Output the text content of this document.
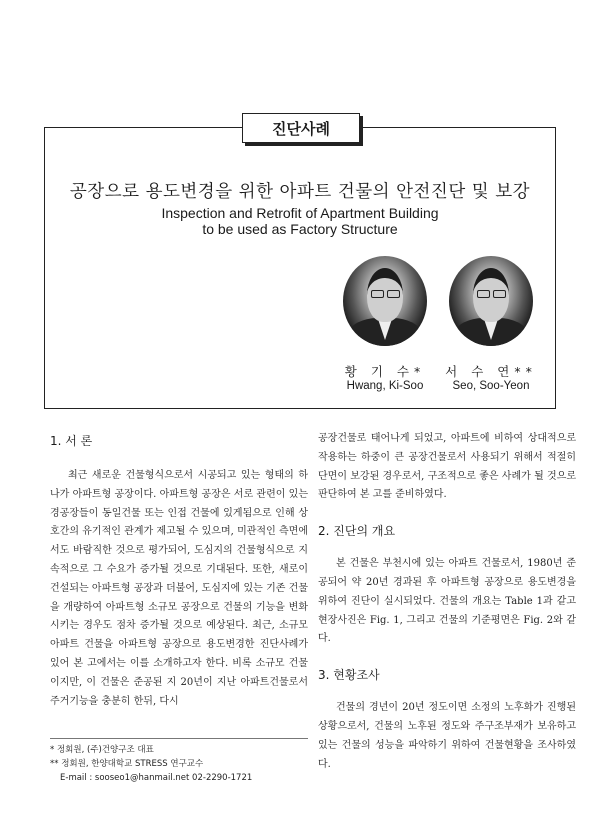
진단사례
공장으로 용도변경을 위한 아파트 건물의 안전진단 및 보강
Inspection and Retrofit of Apartment Building
to be used as Factory Structure
황 기 수*
Hwang, Ki-Soo
서 수 연**
Seo, Soo-Yeon
1. 서 론

최근 새로운 건물형식으로서 시공되고 있는 형태의 하나가 아파트형 공장이다. 아파트형 공장은 서로 관련이 있는 경공장들이 동일건물 또는 인접 건물에 있게됨으로 인해 상호간의 유기적인 관계가 제고될 수 있으며, 미관적인 측면에서도 바람직한 것으로 평가되어, 도심지의 건물형식으로 지속적으로 그 수요가 증가될 것으로 기대된다. 또한, 새로이 건설되는 아파트형 공장과 더불어, 도심지에 있는 기존 건물을 개량하여 아파트형 소규모 공장으로 건물의 기능을 변화시키는 경우도 점차 증가될 것으로 예상된다. 최근, 소규모 아파트 건물을 아파트형 공장으로 용도변경한 진단사례가 있어 본 고에서는 이를 소개하고자 한다. 비록 소규모 건물이지만, 이 건물은 준공된 지 20년이 지난 아파트건물로서 주거기능을 충분히 한뒤, 다시

공장건물로 태어나게 되었고, 아파트에 비하여 상대적으로 작용하는 하중이 큰 공장건물로서 사용되기 위해서 적절히 단면이 보강된 경우로서, 구조적으로 좋은 사례가 될 것으로 판단하여 본 고를 준비하였다.

2. 진단의 개요

본 건물은 부천시에 있는 아파트 건물로서, 1980년 준공되어 약 20년 경과된 후 아파트형 공장으로 용도변경을 위하여 진단이 실시되었다. 건물의 개요는 Table 1과 같고 현장사진은 Fig. 1, 그리고 건물의 기준평면은 Fig. 2와 같다.

3. 현황조사

건물의 경년이 20년 정도이면 소정의 노후화가 진행된 상황으로서, 건물의 노후된 정도와 주구조부재가 보유하고 있는 건물의 성능을 파악하기 위하여 건물현황을 조사하였다.

* 정회원, (주)건양구조 대표
** 정회원, 한양대학교 STRESS 연구교수
E-mail : sooseo1@hanmail.net 02-2290-1721
